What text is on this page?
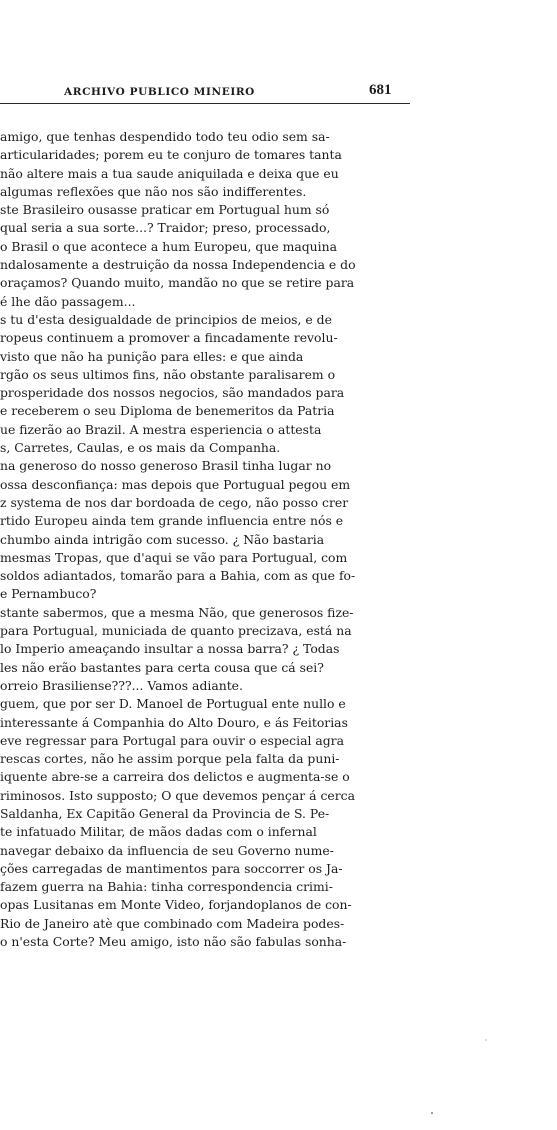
ARCHIVO PUBLICO MINEIRO	681
amigo, que tenhas despendido todo teu odio sem sa-
articularidades; porem eu te conjuro de tomares tanta
não altere mais a tua saude aniquilada e deixa que eu
algumas reflexões que não nos são indifferentes.
ste Brasileiro ousasse praticar em Portugual hum só
qual seria a sua sorte...? Traidor; preso, processado,
o Brasil o que acontece a hum Europeu, que maquina
ndalosamente a destruição da nossa Independencia e do
oraçamos? Quando muito, mandão no que se retire para
é lhe dão passagem...
s tu d'esta desigualdade de principios de meios, e de
ropeus continuem a promover a fincadamente revolu-
visto que não ha punição para elles: e que ainda
rgão os seus ultimos fins, não obstante paralisarem o
prosperidade dos nossos negocios, são mandados para
e receberem o seu Diploma de benemeritos da Patria
ue fizerão ao Brazil. A mestra esperiencia o attesta
s, Carretes, Caulas, e os mais da Companha.
na generoso do nosso generoso Brasil tinha lugar no
ossa desconfiança: mas depois que Portugual pegou em
z systema de nos dar bordoada de cego, não posso crer
rtido Europeu ainda tem grande influencia entre nós e
chumbo ainda intrigão com sucesso. ¿ Não bastaria
mesmas Tropas, que d'aqui se vão para Portugual, com
soldos adiantados, tomarão para a Bahia, com as que fo-
e Pernambuco?
stante sabermos, que a mesma Não, que generosos fize-
para Portugual, municiada de quanto precizava, está na
lo Imperio ameaçando insultar a nossa barra? ¿ Todas
les não erão bastantes para certa cousa que cá sei?
orreio Brasiliense???... Vamos adiante.
guem, que por ser D. Manoel de Portugual ente nullo e
interessante á Companhia do Alto Douro, e ás Feitorias
eve regressar para Portugal para ouvir o especial agra
rescas cortes, não he assim porque pela falta da puni-
iquente abre-se a carreira dos delictos e augmenta-se o
riminosos. Isto supposto; O que devemos pençar á cerca
Saldanha, Ex Capitão General da Provincia de S. Pe-
te infatuado Militar, de mãos dadas com o infernal
navegar debaixo da influencia de seu Governo nume-
ções carregadas de mantimentos para soccorrer os Ja-
fazem guerra na Bahia: tinha correspondencia crimi-
opas Lusitanas em Monte Video, forjandoplanos de con-
Rio de Janeiro atè que combinado com Madeira podes-
o n'esta Corte? Meu amigo, isto não são fabulas sonha-
